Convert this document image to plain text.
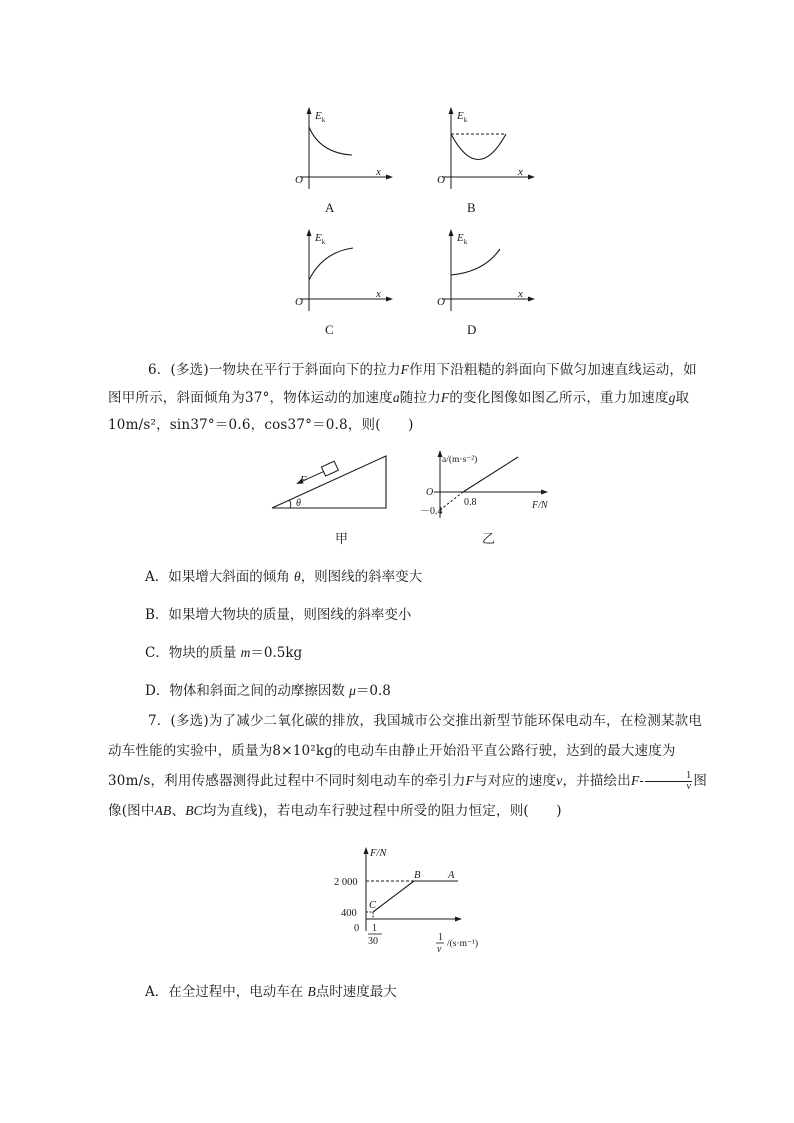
$E_k$
O
x
A
$E_k$
O
x
B
$E_k$
O
x
C
$E_k$
O
x
D
6．(多选)一物块在平行于斜面向下的拉力F作用下沿粗糙的斜面向下做匀加速直线运动，如图甲所示，斜面倾角为37°，物体运动的加速度a随拉力F的变化图像如图乙所示，重力加速度g取10m/s²，sin37°＝0.6，cos37°＝0.8，则(　　)
F
θ
甲
a/(m·s⁻²)
O
－0.4
0.8	F/N
乙
A．如果增大斜面的倾角 θ，则图线的斜率变大
B．如果增大物块的质量，则图线的斜率变小
C．物块的质量 m＝0.5kg
D．物体和斜面之间的动摩擦因数 μ＝0.8
7．(多选)为了减少二氧化碳的排放，我国城市公交推出新型节能环保电动车，在检测某款电动车性能的实验中，质量为8×10²kg的电动车由静止开始沿平直公路行驶，达到的最大速度为30m/s，利用传感器测得此过程中不同时刻电动车的牵引力F与对应的速度v，并描绘出$F- \frac{1}{v}$ 图像(图中AB、BC均为直线)，若电动车行驶过程中所受的阻力恒定，则(　　)
F/N
2 000
400
0
C
B	A
1
30	1
v /(s·m⁻¹)
A．在全过程中，电动车在 B点时速度最大
